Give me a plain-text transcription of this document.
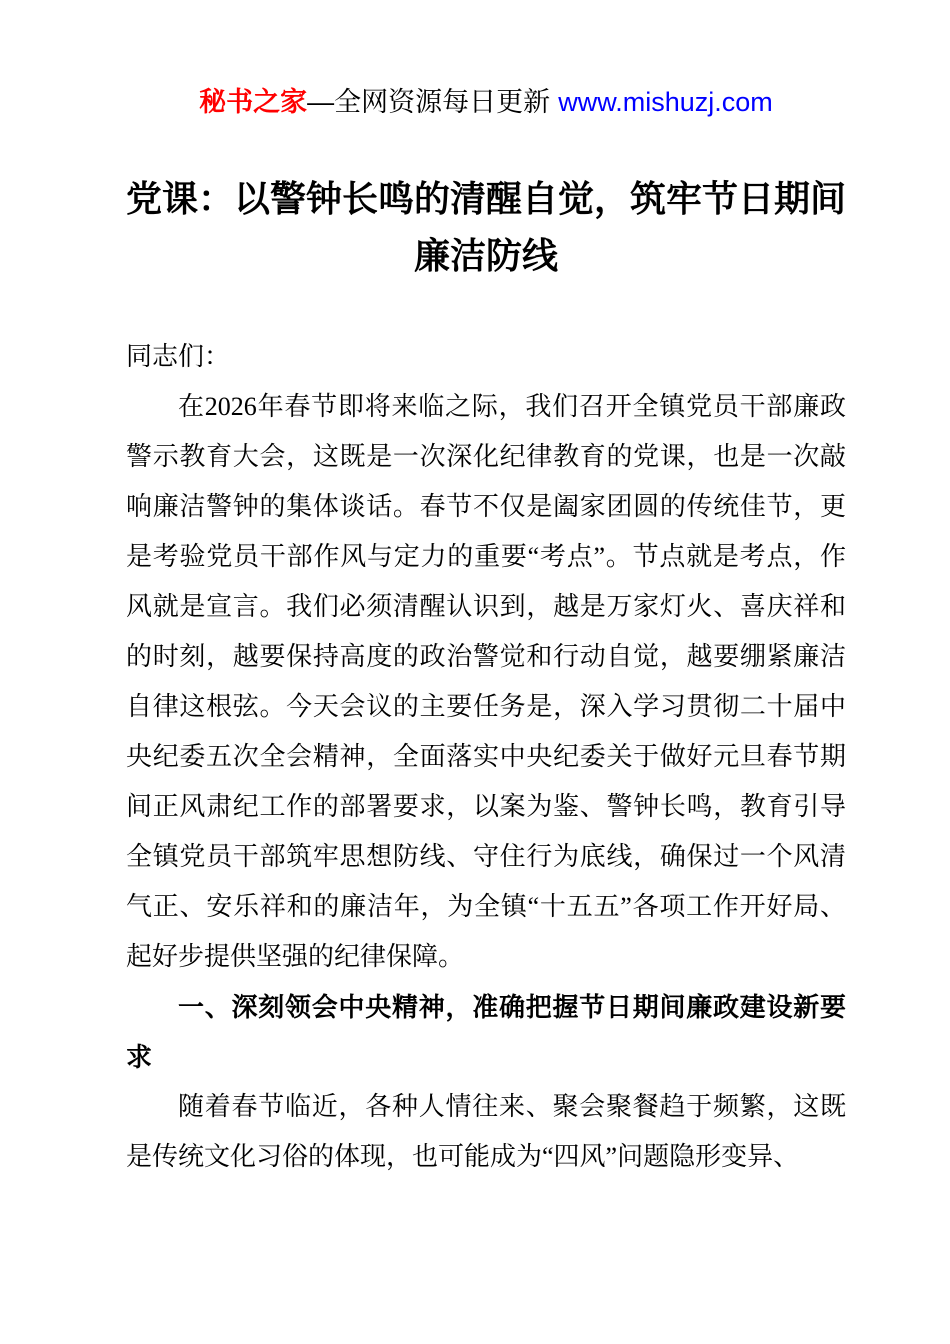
秘书之家—全网资源每日更新 www.mishuzj.com
党课：以警钟长鸣的清醒自觉，筑牢节日期间廉洁防线

同志们：

在2026年春节即将来临之际，我们召开全镇党员干部廉政警示教育大会，这既是一次深化纪律教育的党课，也是一次敲响廉洁警钟的集体谈话。春节不仅是阖家团圆的传统佳节，更是考验党员干部作风与定力的重要“考点”。节点就是考点，作风就是宣言。我们必须清醒认识到，越是万家灯火、喜庆祥和的时刻，越要保持高度的政治警觉和行动自觉，越要绷紧廉洁自律这根弦。今天会议的主要任务是，深入学习贯彻二十届中央纪委五次全会精神，全面落实中央纪委关于做好元旦春节期间正风肃纪工作的部署要求，以案为鉴、警钟长鸣，教育引导全镇党员干部筑牢思想防线、守住行为底线，确保过一个风清气正、安乐祥和的廉洁年，为全镇“十五五”各项工作开好局、起好步提供坚强的纪律保障。

一、深刻领会中央精神，准确把握节日期间廉政建设新要求

随着春节临近，各种人情往来、聚会聚餐趋于频繁，这既是传统文化习俗的体现，也可能成为“四风”问题隐形变异、
